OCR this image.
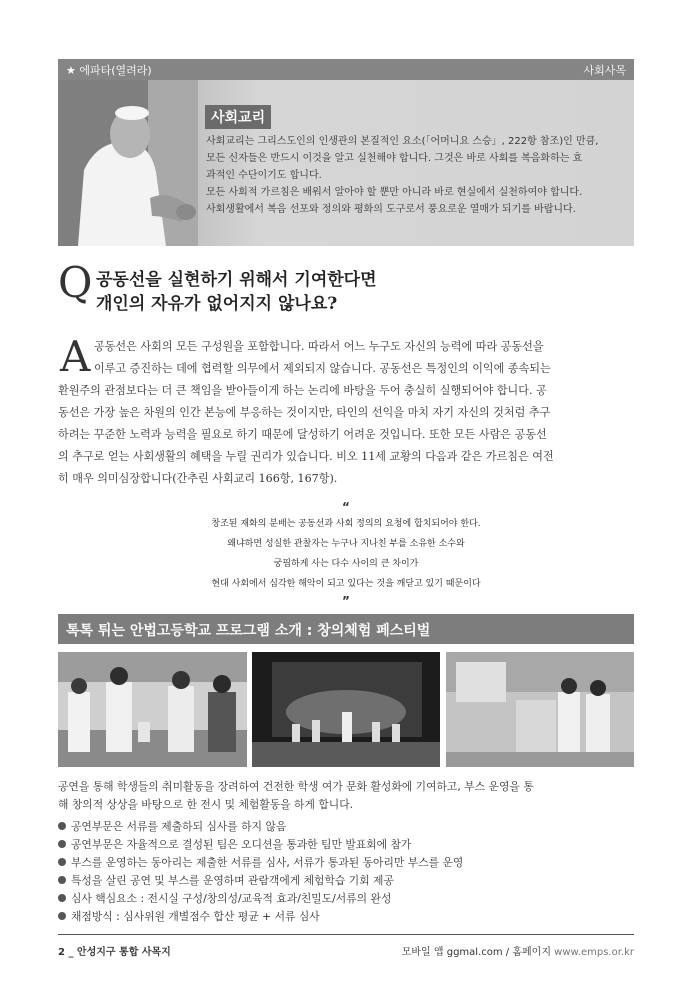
★ 에파타(열려라)	사회사목
사회교리

사회교리는 그리스도인의 인생관의 본질적인 요소(「어머니요 스승」, 222항 참조)인 만큼,

모든 신자들은 반드시 이것을 알고 실천해야 합니다. 그것은 바로 사회를 복음화하는 효

과적인 수단이기도 합니다.

모든 사회적 가르침은 배워서 알아야 할 뿐만 아니라 바로 현실에서 실천하여야 합니다.

사회생활에서 복음 선포와 정의와 평화의 도구로서 풍요로운 열매가 되기를 바랍니다.

Q 공동선을 실현하기 위해서 기여한다면
개인의 자유가 없어지지 않나요?
A 공동선은 사회의 모든 구성원을 포함합니다. 따라서 어느 누구도 자신의 능력에 따라 공동선을
이루고 증진하는 데에 협력할 의무에서 제외되지 않습니다. 공동선은 특정인의 이익에 종속되는
환원주의 관점보다는 더 큰 책임을 받아들이게 하는 논리에 바탕을 두어 충실히 실행되어야 합니다. 공
동선은 가장 높은 차원의 인간 본능에 부응하는 것이지만, 타인의 선익을 마치 자기 자신의 것처럼 추구
하려는 꾸준한 노력과 능력을 필요로 하기 때문에 달성하기 어려운 것입니다. 또한 모든 사람은 공동선
의 추구로 얻는 사회생활의 혜택을 누릴 권리가 있습니다. 비오 11세 교황의 다음과 같은 가르침은 여전
히 매우 의미심장합니다(간추린 사회교리 166항, 167항).
“
창조된 재화의 분배는 공동선과 사회 정의의 요청에 합치되어야 한다.
왜냐하면 성실한 관찰자는 누구나 지나친 부를 소유한 소수와
궁핍하게 사는 다수 사이의 큰 차이가
현대 사회에서 심각한 해악이 되고 있다는 것을 깨닫고 있기 때문이다
”
톡톡 튀는 안법고등학교 프로그램 소개 : 창의체험 페스티벌
공연을 통해 학생들의 취미활동을 장려하여 건전한 학생 여가 문화 활성화에 기여하고, 부스 운영을 통
해 창의적 상상을 바탕으로 한 전시 및 체험활동을 하게 합니다.
공연부문은 서류를 제출하되 심사를 하지 않음
공연부문은 자율적으로 결성된 팀은 오디션을 통과한 팀만 발표회에 참가
부스를 운영하는 동아리는 제출한 서류를 심사, 서류가 통과된 동아리만 부스를 운영
특성을 살린 공연 및 부스를 운영하며 관람객에게 체험학습 기회 제공
심사 핵심요소 : 전시실 구성/창의성/교육적 효과/친밀도/서류의 완성
채점방식 : 심사위원 개별점수 합산 평균 + 서류 심사
2 _ 안성지구 통합 사목지	모바일 앱 ggmal.com / 홈페이지 www.emps.or.kr
